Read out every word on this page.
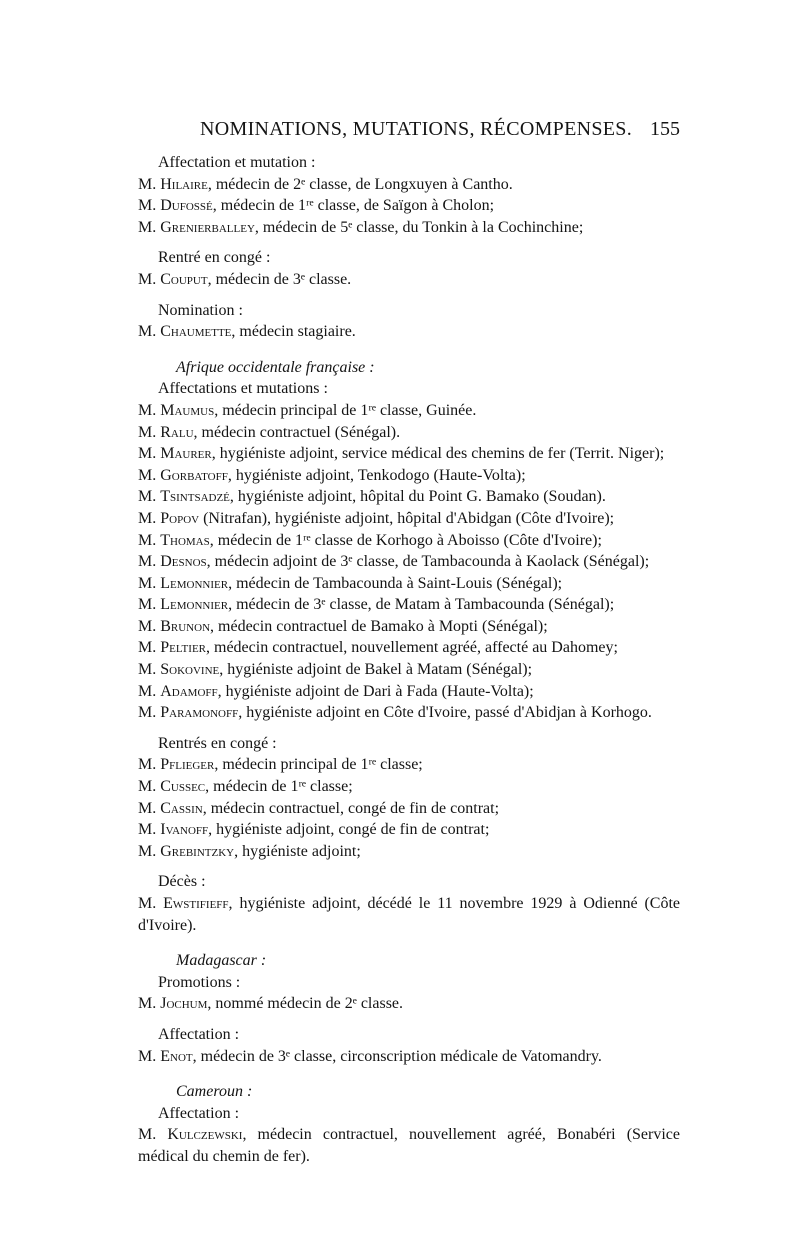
NOMINATIONS, MUTATIONS, RÉCOMPENSES. 155
Affectation et mutation :
M. Hilaire, médecin de 2ᵉ classe, de Longxuyen à Cantho.
M. Dufossé, médecin de 1ʳᵉ classe, de Saïgon à Cholon;
M. Grenierballey, médecin de 5ᵉ classe, du Tonkin à la Cochinchine;
Rentré en congé :
M. Couput, médecin de 3ᵉ classe.
Nomination :
M. Chaumette, médecin stagiaire.
Afrique occidentale française :
Affectations et mutations :
M. Maumus, médecin principal de 1ʳᵉ classe, Guinée.
M. Ralu, médecin contractuel (Sénégal).
M. Maurer, hygiéniste adjoint, service médical des chemins de fer (Territ. Niger);
M. Gorbatoff, hygiéniste adjoint, Tenkodogo (Haute-Volta);
M. Tsintsadzé, hygiéniste adjoint, hôpital du Point G. Bamako (Soudan).
M. Popov (Nitrafan), hygiéniste adjoint, hôpital d'Abidgan (Côte d'Ivoire);
M. Thomas, médecin de 1ʳᵉ classe de Korhogo à Aboisso (Côte d'Ivoire);
M. Desnos, médecin adjoint de 3ᵉ classe, de Tambacounda à Kaolack (Sénégal);
M. Lemonnier, médecin de Tambacounda à Saint-Louis (Sénégal);
M. Lemonnier, médecin de 3ᵉ classe, de Matam à Tambacounda (Sénégal);
M. Brunon, médecin contractuel de Bamako à Mopti (Sénégal);
M. Peltier, médecin contractuel, nouvellement agréé, affecté au Dahomey;
M. Sokovine, hygiéniste adjoint de Bakel à Matam (Sénégal);
M. Adamoff, hygiéniste adjoint de Dari à Fada (Haute-Volta);
M. Paramonoff, hygiéniste adjoint en Côte d'Ivoire, passé d'Abidjan à Korhogo.
Rentrés en congé :
M. Pflieger, médecin principal de 1ʳᵉ classe;
M. Cussec, médecin de 1ʳᵉ classe;
M. Cassin, médecin contractuel, congé de fin de contrat;
M. Ivanoff, hygiéniste adjoint, congé de fin de contrat;
M. Grebintzky, hygiéniste adjoint;
Décès :
M. Ewstifieff, hygiéniste adjoint, décédé le 11 novembre 1929 à Odienné (Côte d'Ivoire).
Madagascar :
Promotions :
M. Jochum, nommé médecin de 2ᵉ classe.
Affectation :
M. Enot, médecin de 3ᵉ classe, circonscription médicale de Vatomandry.
Cameroun :
Affectation :
M. Kulczewski, médecin contractuel, nouvellement agréé, Bonabéri (Service médical du chemin de fer).
